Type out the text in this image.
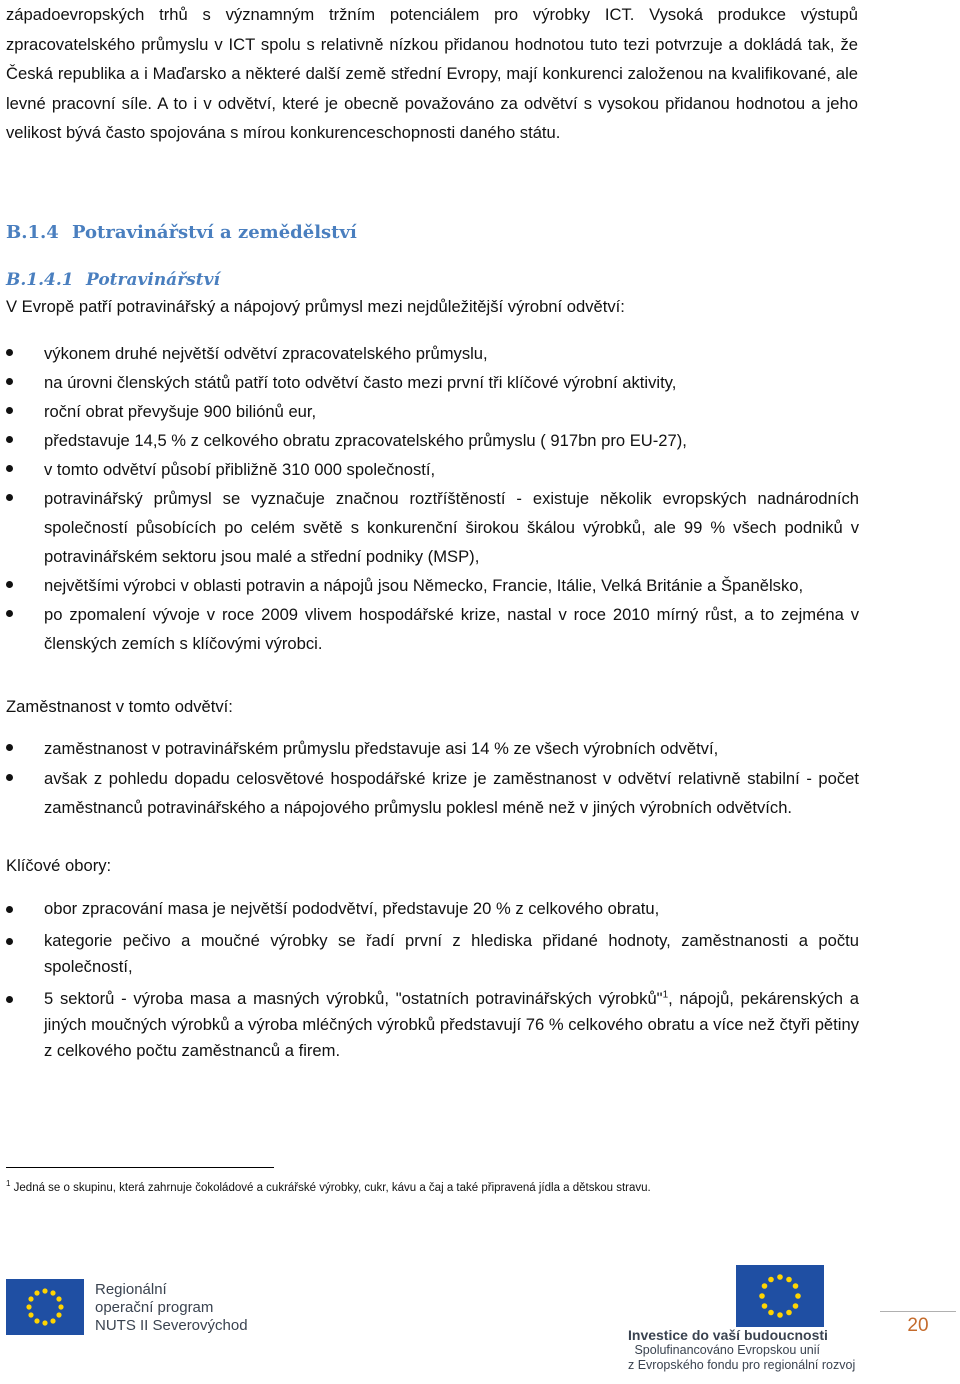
západoevropských trhů s významným tržním potenciálem pro výrobky ICT. Vysoká produkce výstupů zpracovatelského průmyslu v ICT spolu s relativně nízkou přidanou hodnotou tuto tezi potvrzuje a dokládá tak, že Česká republika a i Maďarsko a některé další země střední Evropy, mají konkurenci založenou na kvalifikované, ale levné pracovní síle. A to i v odvětví, které je obecně považováno za odvětví s vysokou přidanou hodnotou a jeho velikost bývá často spojována s mírou konkurenceschopnosti daného státu.

B.1.4 Potravinářství a zemědělství
B.1.4.1 Potravinářství

V Evropě patří potravinářský a nápojový průmysl mezi nejdůležitější výrobní odvětví:

výkonem druhé největší odvětví zpracovatelského průmyslu,
na úrovni členských států patří toto odvětví často mezi první tři klíčové výrobní aktivity,
roční obrat převyšuje 900 biliónů eur,
představuje 14,5 % z celkového obratu zpracovatelského průmyslu ( 917bn pro EU-27),
v tomto odvětví působí přibližně 310 000 společností,
potravinářský průmysl se vyznačuje značnou roztříštěností - existuje několik evropských nadnárodních společností působících po celém světě s konkurenční širokou škálou výrobků, ale 99 % všech podniků v potravinářském sektoru jsou malé a střední podniky (MSP),
největšími výrobci v oblasti potravin a nápojů jsou Německo, Francie, Itálie, Velká Británie a Španělsko,
po zpomalení vývoje v roce 2009 vlivem hospodářské krize, nastal v roce 2010 mírný růst, a to zejména v členských zemích s klíčovými výrobci.

Zaměstnanost v tomto odvětví:

zaměstnanost v potravinářském průmyslu představuje asi 14 % ze všech výrobních odvětví,
avšak z pohledu dopadu celosvětové hospodářské krize je zaměstnanost v odvětví relativně stabilní - počet zaměstnanců potravinářského a nápojového průmyslu poklesl méně než v jiných výrobních odvětvích.

Klíčové obory:

obor zpracování masa je největší pododvětví, představuje 20 % z celkového obratu,
kategorie pečivo a moučné výrobky se řadí první z hlediska přidané hodnoty, zaměstnanosti a počtu společností,
5 sektorů - výroba masa a masných výrobků, "ostatních potravinářských výrobků"$^1$, nápojů, pekárenských a jiných moučných výrobků a výroba mléčných výrobků představují 76 % celkového obratu a více než čtyři pětiny z celkového počtu zaměstnanců a firem.

$^1$ Jedná se o skupinu, která zahrnuje čokoládové a cukrářské výrobky, cukr, kávu a čaj a také připravená jídla a dětskou stravu.

Regionální
operační program
NUTS II Severovýchod
Investice do vaší budoucnosti
Spolufinancováno Evropskou unií
z Evropského fondu pro regionální rozvoj
20
